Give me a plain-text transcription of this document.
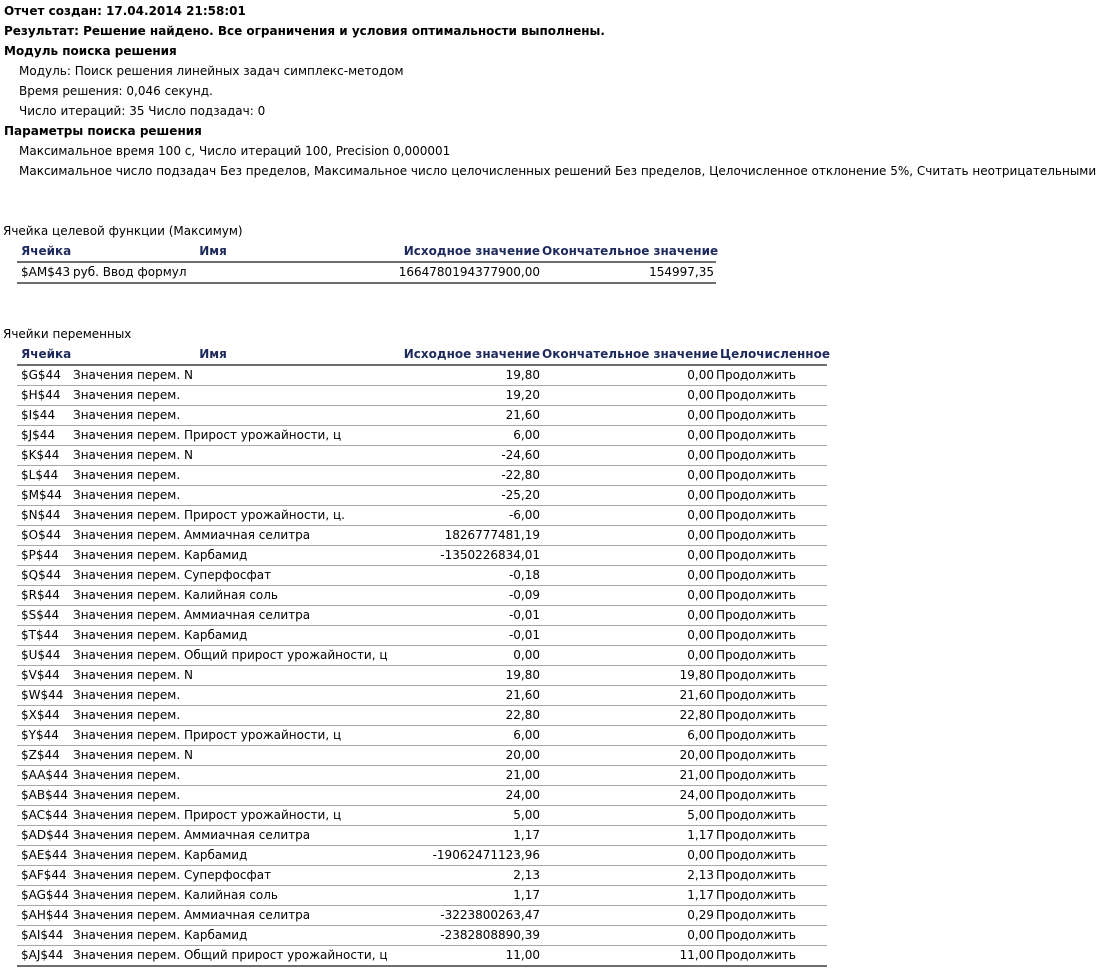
Отчет создан: 17.04.2014 21:58:01
Результат: Решение найдено. Все ограничения и условия оптимальности выполнены.
Модуль поиска решения
Модуль: Поиск решения линейных задач симплекс-методом
Время решения: 0,046 секунд.
Число итераций: 35 Число подзадач: 0
Параметры поиска решения
Максимальное время 100 с, Число итераций 100, Precision 0,000001
Максимальное число подзадач Без пределов, Максимальное число целочисленных решений Без пределов, Целочисленное отклонение 5%, Считать неотрицательными
Ячейка целевой функции (Максимум)
Ячейка	Имя	Исходное значение	Окончательное значение
$AM$43	руб. Ввод формул	1664780194377900,00	154997,35
Ячейки переменных
Ячейка	Имя	Исходное значение	Окончательное значение	Целочисленное
$G$44	Значения перем. N	19,80	0,00	Продолжить
$H$44	Значения перем.	19,20	0,00	Продолжить
$I$44	Значения перем.	21,60	0,00	Продолжить
$J$44	Значения перем. Прирост урожайности, ц	6,00	0,00	Продолжить
$K$44	Значения перем. N	-24,60	0,00	Продолжить
$L$44	Значения перем.	-22,80	0,00	Продолжить
$M$44	Значения перем.	-25,20	0,00	Продолжить
$N$44	Значения перем. Прирост урожайности, ц.	-6,00	0,00	Продолжить
$O$44	Значения перем. Аммиачная селитра	1826777481,19	0,00	Продолжить
$P$44	Значения перем. Карбамид	-1350226834,01	0,00	Продолжить
$Q$44	Значения перем. Суперфосфат	-0,18	0,00	Продолжить
$R$44	Значения перем. Калийная соль	-0,09	0,00	Продолжить
$S$44	Значения перем. Аммиачная селитра	-0,01	0,00	Продолжить
$T$44	Значения перем. Карбамид	-0,01	0,00	Продолжить
$U$44	Значения перем. Общий прирост урожайности, ц	0,00	0,00	Продолжить
$V$44	Значения перем. N	19,80	19,80	Продолжить
$W$44	Значения перем.	21,60	21,60	Продолжить
$X$44	Значения перем.	22,80	22,80	Продолжить
$Y$44	Значения перем. Прирост урожайности, ц	6,00	6,00	Продолжить
$Z$44	Значения перем. N	20,00	20,00	Продолжить
$AA$44	Значения перем.	21,00	21,00	Продолжить
$AB$44	Значения перем.	24,00	24,00	Продолжить
$AC$44	Значения перем. Прирост урожайности, ц	5,00	5,00	Продолжить
$AD$44	Значения перем. Аммиачная селитра	1,17	1,17	Продолжить
$AE$44	Значения перем. Карбамид	-19062471123,96	0,00	Продолжить
$AF$44	Значения перем. Суперфосфат	2,13	2,13	Продолжить
$AG$44	Значения перем. Калийная соль	1,17	1,17	Продолжить
$AH$44	Значения перем. Аммиачная селитра	-3223800263,47	0,29	Продолжить
$AI$44	Значения перем. Карбамид	-2382808890,39	0,00	Продолжить
$AJ$44	Значения перем. Общий прирост урожайности, ц	11,00	11,00	Продолжить
